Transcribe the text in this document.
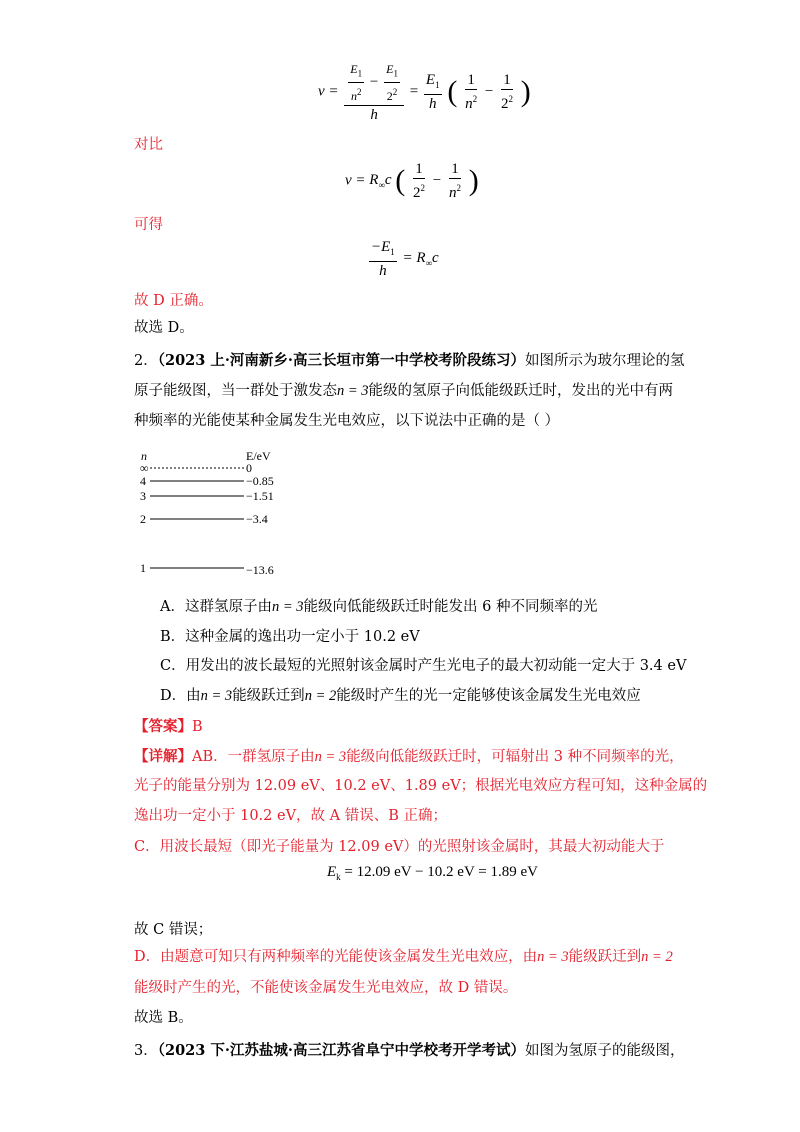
$\nu = \frac{\frac{E_1}{n^2} - \frac{E_1}{2^2}}{h} = \frac{E_1}{h}$ ( $\frac{1}{n^2} - \frac{1}{2^2}$ )
对比
$\nu = R_\infty c$ ( $\frac{1}{2^2} - \frac{1}{n^2}$ )
可得
$\frac{-E_1}{h} = R_\infty c$
故 D 正确。
故选 D。
2．（2023 上·河南新乡·高三长垣市第一中学校考阶段练习）如图所示为玻尔理论的氢
原子能级图，当一群处于激发态n = 3能级的氢原子向低能级跃迁时，发出的光中有两
种频率的光能使某种金属发生光电效应，以下说法中正确的是（ ）
n	E/eV
∞	0
4	−0.85
3	−1.51
2	−3.4
1	−13.6
A．这群氢原子由n = 3能级向低能级跃迁时能发出 6 种不同频率的光
B．这种金属的逸出功一定小于 10.2 eV
C．用发出的波长最短的光照射该金属时产生光电子的最大初动能一定大于 3.4 eV
D．由n = 3能级跃迁到n = 2能级时产生的光一定能够使该金属发生光电效应
【答案】B
【详解】AB．一群氢原子由n = 3能级向低能级跃迁时，可辐射出 3 种不同频率的光，
光子的能量分别为 12.09 eV、10.2 eV、1.89 eV；根据光电效应方程可知，这种金属的
逸出功一定小于 10.2 eV，故 A 错误、B 正确；
C．用波长最短（即光子能量为 12.09 eV）的光照射该金属时，其最大初动能大于
$E_k = 12.09$ eV − 10.2 eV = 1.89 eV
故 C 错误；
D．由题意可知只有两种频率的光能使该金属发生光电效应，由n = 3能级跃迁到n = 2
能级时产生的光，不能使该金属发生光电效应，故 D 错误。
故选 B。
3．（2023 下·江苏盐城·高三江苏省阜宁中学校考开学考试）如图为氢原子的能级图，
